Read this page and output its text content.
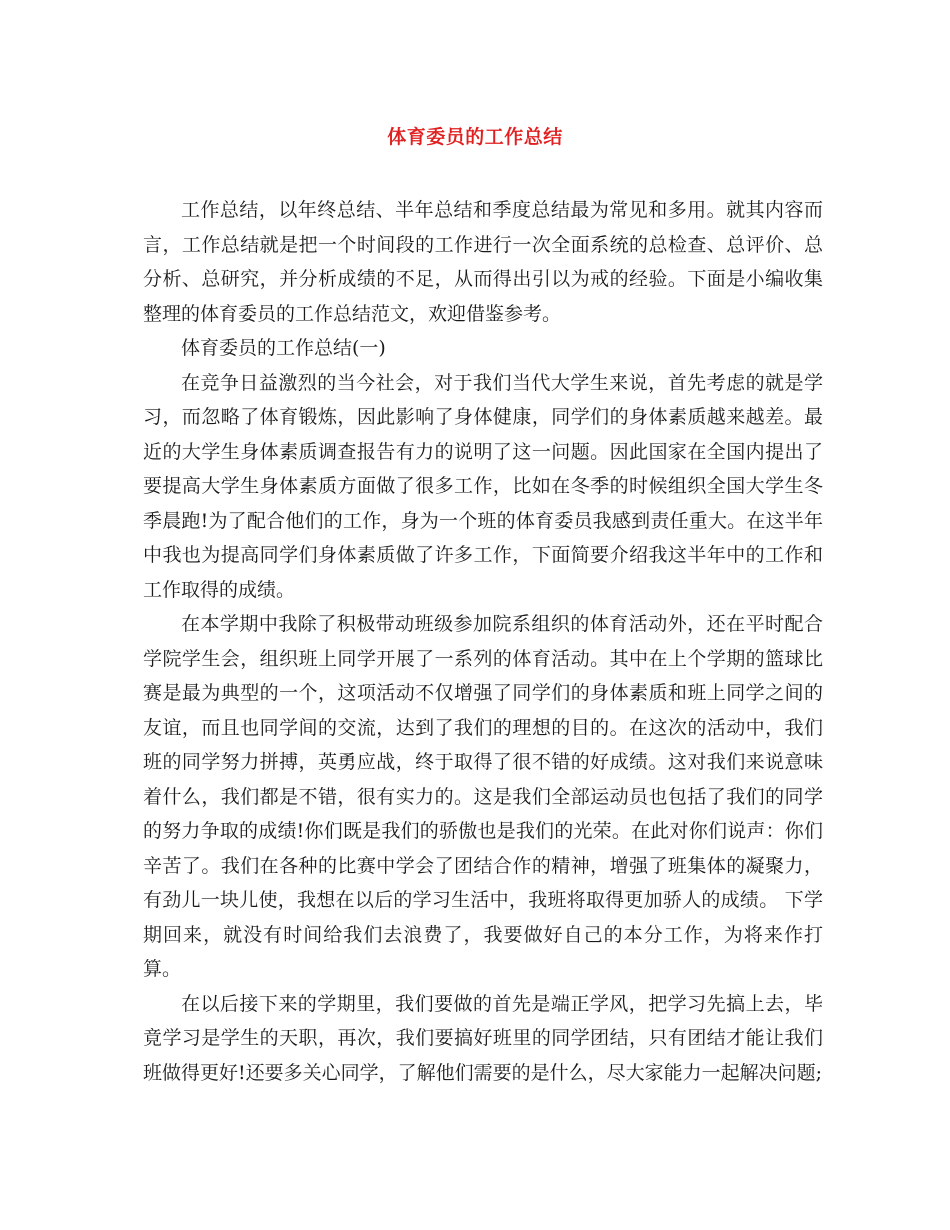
体育委员的工作总结

工作总结，以年终总结、半年总结和季度总结最为常见和多用。就其内容而言，工作总结就是把一个时间段的工作进行一次全面系统的总检查、总评价、总分析、总研究，并分析成绩的不足，从而得出引以为戒的经验。下面是小编收集整理的体育委员的工作总结范文，欢迎借鉴参考。

体育委员的工作总结(一)

在竞争日益激烈的当今社会，对于我们当代大学生来说，首先考虑的就是学习，而忽略了体育锻炼，因此影响了身体健康，同学们的身体素质越来越差。最近的大学生身体素质调查报告有力的说明了这一问题。因此国家在全国内提出了要提高大学生身体素质方面做了很多工作，比如在冬季的时候组织全国大学生冬季晨跑!为了配合他们的工作，身为一个班的体育委员我感到责任重大。在这半年中我也为提高同学们身体素质做了许多工作，下面简要介绍我这半年中的工作和工作取得的成绩。

在本学期中我除了积极带动班级参加院系组织的体育活动外，还在平时配合学院学生会，组织班上同学开展了一系列的体育活动。其中在上个学期的篮球比赛是最为典型的一个，这项活动不仅增强了同学们的身体素质和班上同学之间的友谊，而且也同学间的交流，达到了我们的理想的目的。在这次的活动中，我们班的同学努力拼搏，英勇应战，终于取得了很不错的好成绩。这对我们来说意味着什么，我们都是不错，很有实力的。这是我们全部运动员也包括了我们的同学的努力争取的成绩!你们既是我们的骄傲也是我们的光荣。在此对你们说声：你们辛苦了。我们在各种的比赛中学会了团结合作的精神，增强了班集体的凝聚力，有劲儿一块儿使，我想在以后的学习生活中，我班将取得更加骄人的成绩。 下学期回来，就没有时间给我们去浪费了，我要做好自己的本分工作，为将来作打算。

在以后接下来的学期里，我们要做的首先是端正学风，把学习先搞上去，毕竟学习是学生的天职，再次，我们要搞好班里的同学团结，只有团结才能让我们班做得更好!还要多关心同学，了解他们需要的是什么，尽大家能力一起解决问题;
